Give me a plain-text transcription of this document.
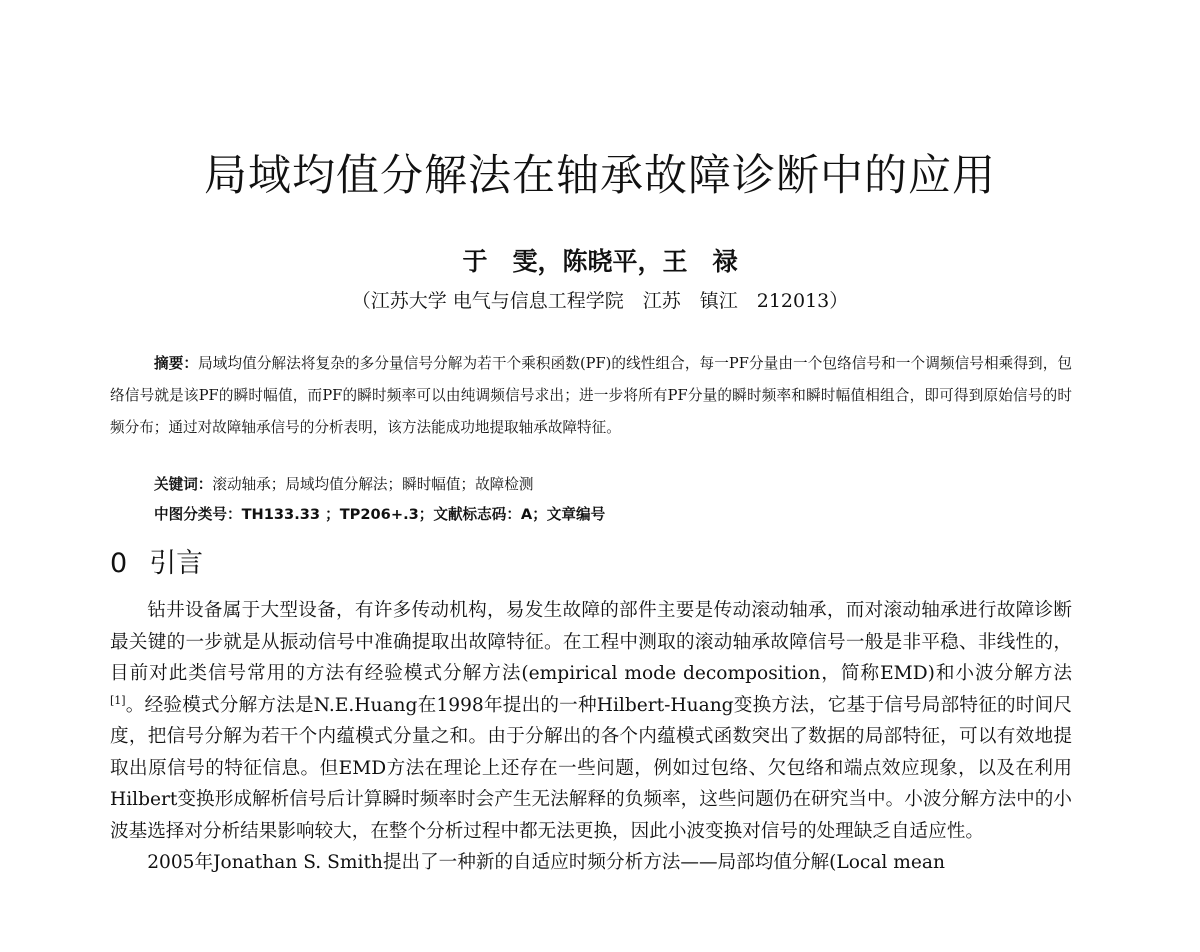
局域均值分解法在轴承故障诊断中的应用
于　雯，陈晓平，王　禄
（江苏大学 电气与信息工程学院　江苏　镇江　212013）
摘要：局域均值分解法将复杂的多分量信号分解为若干个乘积函数(PF)的线性组合，每一PF分量由一个包络信号和一个调频信号相乘得到，包络信号就是该PF的瞬时幅值，而PF的瞬时频率可以由纯调频信号求出；进一步将所有PF分量的瞬时频率和瞬时幅值相组合，即可得到原始信号的时频分布；通过对故障轴承信号的分析表明，该方法能成功地提取轴承故障特征。
关键词：滚动轴承；局域均值分解法；瞬时幅值；故障检测
中图分类号：TH133.33 ；TP206+.3；文献标志码：A；文章编号
0 引言

钻井设备属于大型设备，有许多传动机构，易发生故障的部件主要是传动滚动轴承，而对滚动轴承进行故障诊断最关键的一步就是从振动信号中准确提取出故障特征。在工程中测取的滚动轴承故障信号一般是非平稳、非线性的，目前对此类信号常用的方法有经验模式分解方法(empirical mode decomposition，简称EMD)和小波分解方法[1]。经验模式分解方法是N.E.Huang在1998年提出的一种Hilbert-Huang变换方法，它基于信号局部特征的时间尺度，把信号分解为若干个内蕴模式分量之和。由于分解出的各个内蕴模式函数突出了数据的局部特征，可以有效地提取出原信号的特征信息。但EMD方法在理论上还存在一些问题，例如过包络、欠包络和端点效应现象，以及在利用Hilbert变换形成解析信号后计算瞬时频率时会产生无法解释的负频率，这些问题仍在研究当中。小波分解方法中的小波基选择对分析结果影响较大，在整个分析过程中都无法更换，因此小波变换对信号的处理缺乏自适应性。

2005年Jonathan S. Smith提出了一种新的自适应时频分析方法——局部均值分解(Local mean
